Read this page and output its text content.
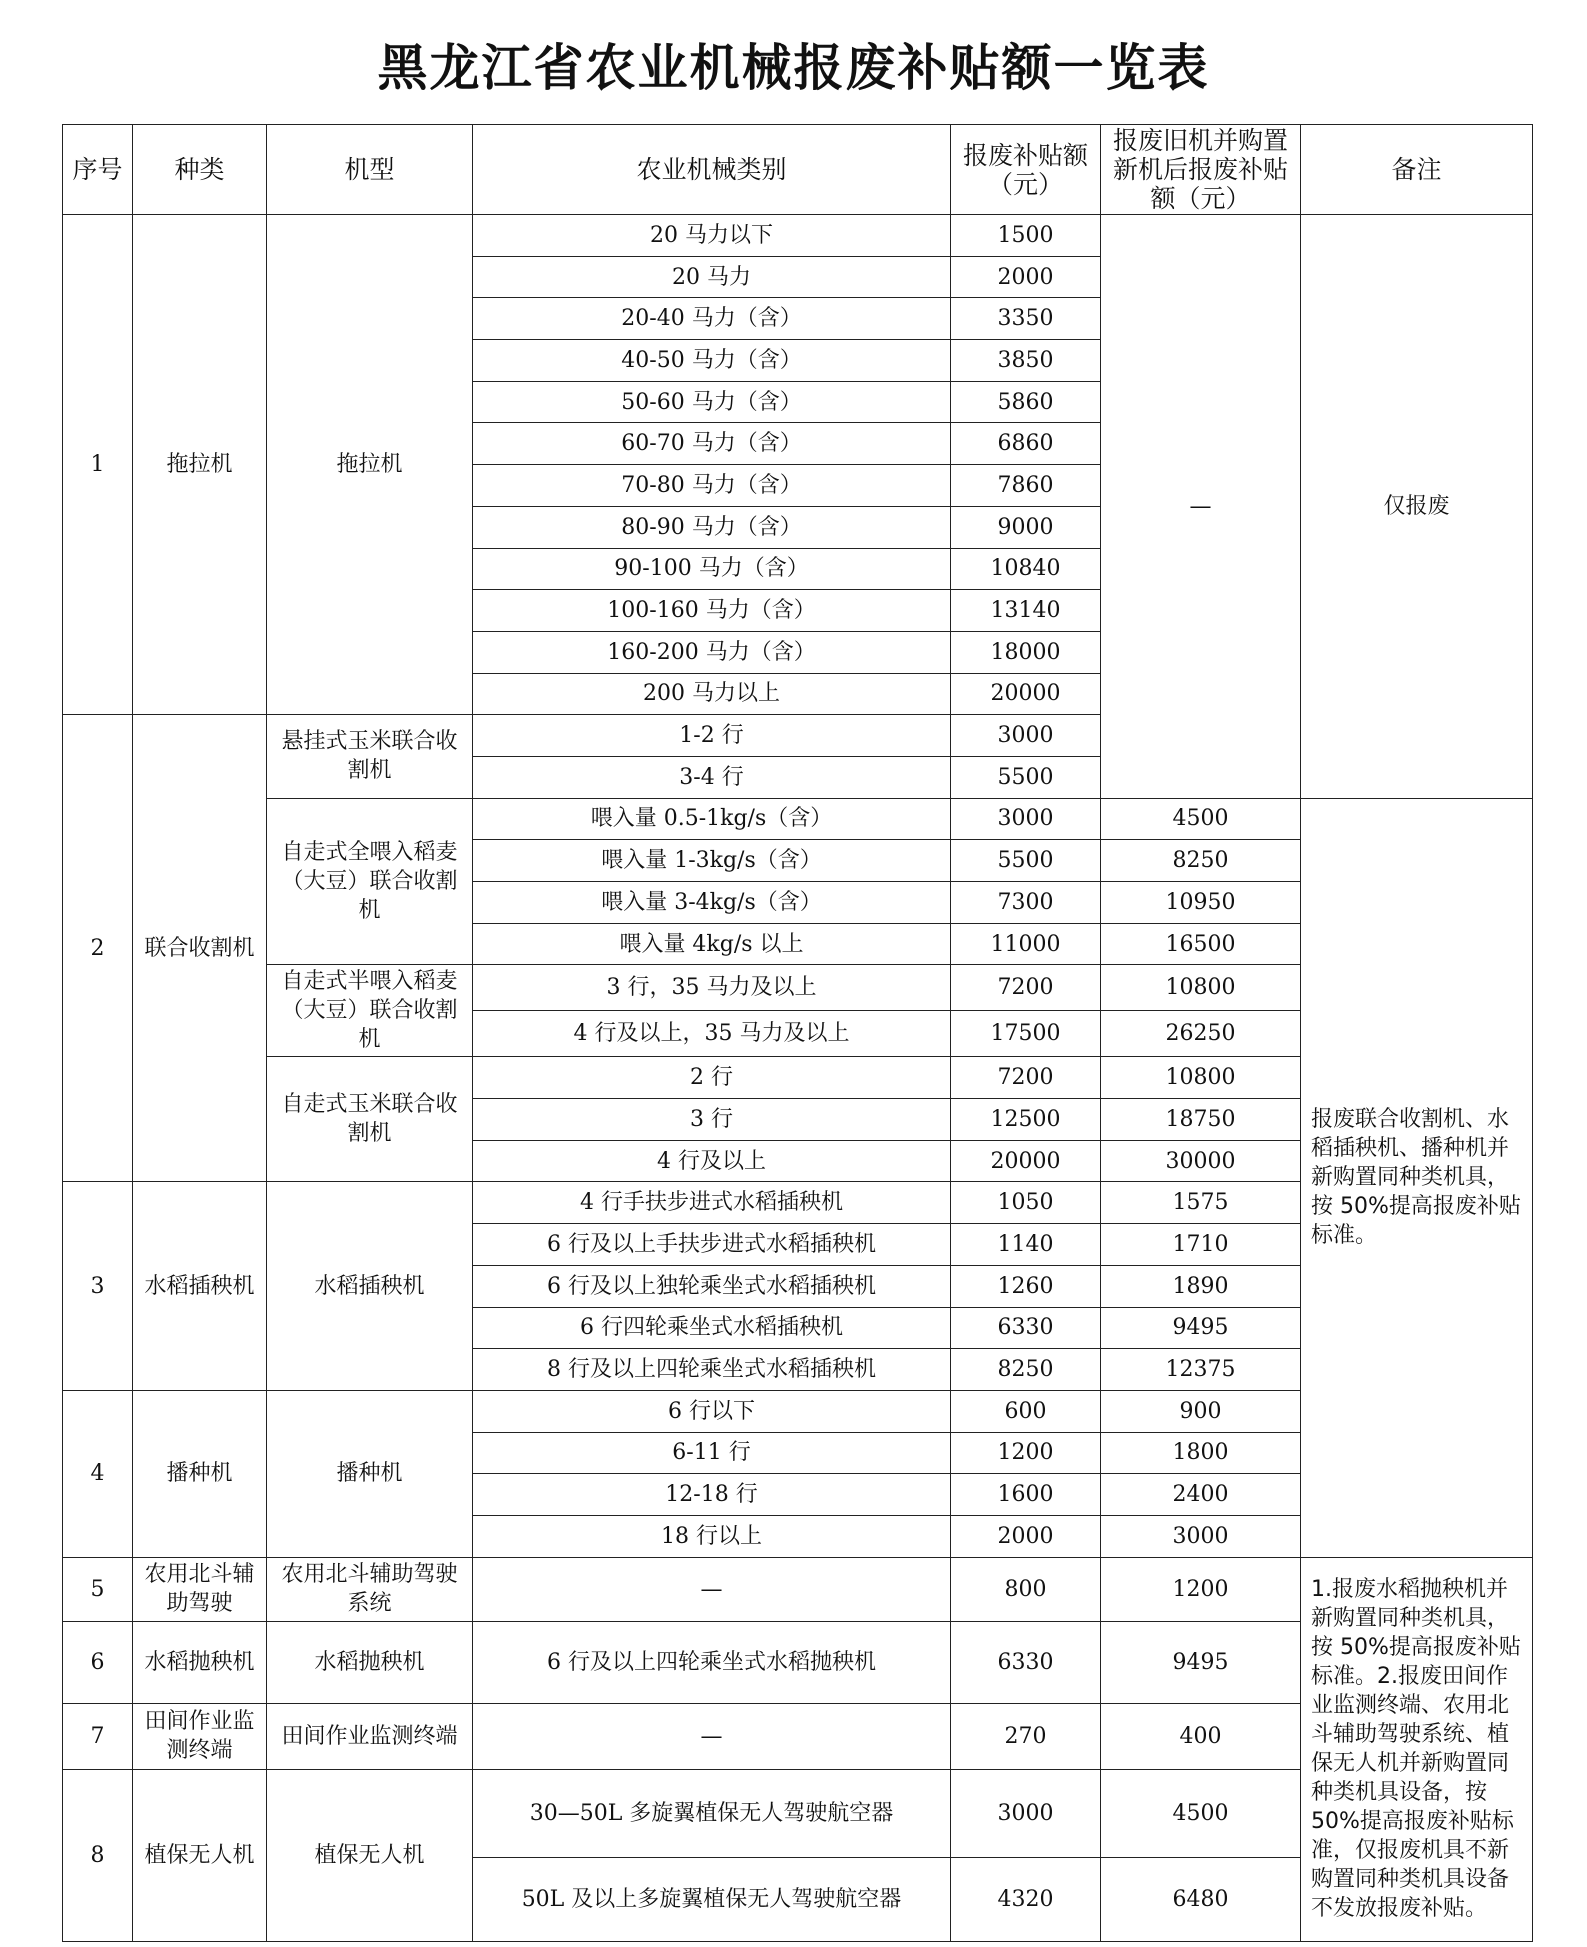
黑龙江省农业机械报废补贴额一览表
序号	种类	机型	农业机械类别	报废补贴额（元）	报废旧机并购置新机后报废补贴额（元）	备注
1	拖拉机	拖拉机	20 马力以下	1500	—	仅报废
			20 马力	2000		
			20-40 马力（含）	3350		
			40-50 马力（含）	3850		
			50-60 马力（含）	5860		
			60-70 马力（含）	6860		
			70-80 马力（含）	7860		
			80-90 马力（含）	9000		
			90-100 马力（含）	10840		
			100-160 马力（含）	13140		
			160-200 马力（含）	18000		
			200 马力以上	20000		
2	联合收割机	悬挂式玉米联合收割机	1-2 行	3000		
			3-4 行	5500		
		自走式全喂入稻麦（大豆）联合收割机	喂入量 0.5-1kg/s（含）	3000	4500	报废联合收割机、水稻插秧机、播种机并新购置同种类机具，按 50%提高报废补贴标准。
			喂入量 1-3kg/s（含）	5500	8250	
			喂入量 3-4kg/s（含）	7300	10950	
			喂入量 4kg/s 以上	11000	16500	
		自走式半喂入稻麦（大豆）联合收割机	3 行，35 马力及以上	7200	10800	
			4 行及以上，35 马力及以上	17500	26250	
		自走式玉米联合收割机	2 行	7200	10800	
			3 行	12500	18750	
			4 行及以上	20000	30000	
3	水稻插秧机	水稻插秧机	4 行手扶步进式水稻插秧机	1050	1575	
			6 行及以上手扶步进式水稻插秧机	1140	1710	
			6 行及以上独轮乘坐式水稻插秧机	1260	1890	
			6 行四轮乘坐式水稻插秧机	6330	9495	
			8 行及以上四轮乘坐式水稻插秧机	8250	12375	
4	播种机	播种机	6 行以下	600	900	
			6-11 行	1200	1800	
			12-18 行	1600	2400	
			18 行以上	2000	3000	
5	农用北斗辅助驾驶	农用北斗辅助驾驶系统	—	800	1200	1.报废水稻抛秧机并新购置同种类机具，按 50%提高报废补贴标准。2.报废田间作业监测终端、农用北斗辅助驾驶系统、植保无人机并新购置同种类机具设备，按 50%提高报废补贴标准，仅报废机具不新购置同种类机具设备不发放报废补贴。
6	水稻抛秧机	水稻抛秧机	6 行及以上四轮乘坐式水稻抛秧机	6330	9495	
7	田间作业监测终端	田间作业监测终端	—	270	400	
8	植保无人机	植保无人机	30—50L 多旋翼植保无人驾驶航空器	3000	4500	
			50L 及以上多旋翼植保无人驾驶航空器	4320	6480	
